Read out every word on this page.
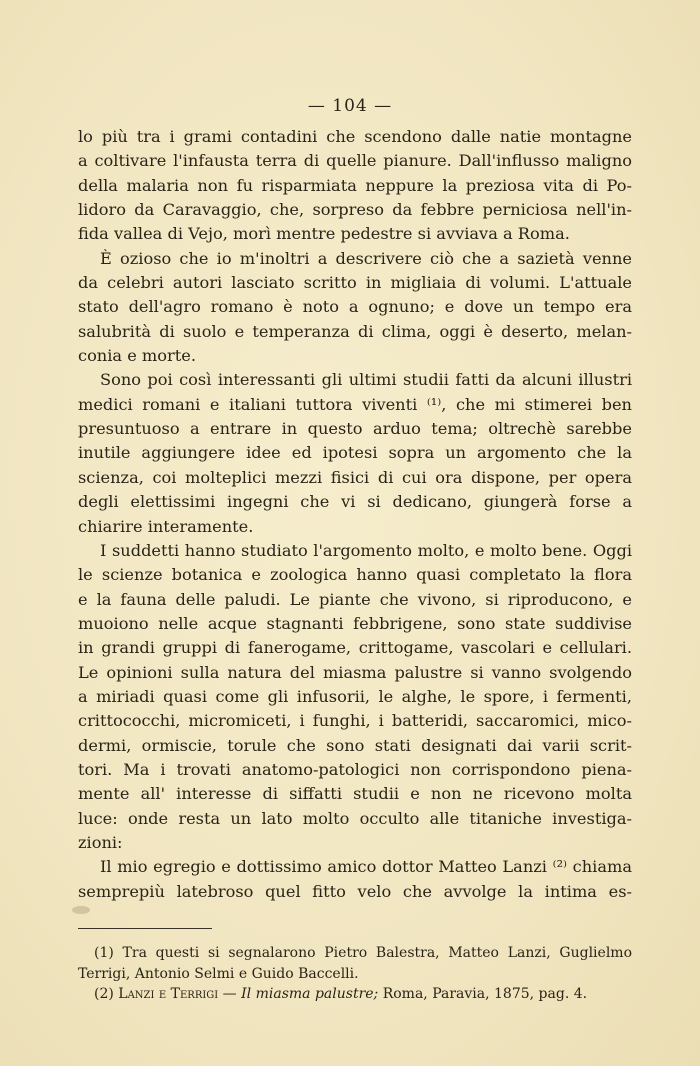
— 104 —
lo più tra i grami contadini che scendono dalle natie montagne
a coltivare l'infausta terra di quelle pianure. Dall'influsso maligno
della malaria non fu risparmiata neppure la preziosa vita di Po-
lidoro da Caravaggio, che, sorpreso da febbre perniciosa nell'in-
fida vallea di Vejo, morì mentre pedestre si avviava a Roma.
È ozioso che io m'inoltri a descrivere ciò che a sazietà venne
da celebri autori lasciato scritto in migliaia di volumi. L'attuale
stato dell'agro romano è noto a ognuno; e dove un tempo era
salubrità di suolo e temperanza di clima, oggi è deserto, melan-
conia e morte.
Sono poi così interessanti gli ultimi studii fatti da alcuni illustri
medici romani e italiani tuttora viventi ⁽¹⁾, che mi stimerei ben
presuntuoso a entrare in questo arduo tema; oltrechè sarebbe
inutile aggiungere idee ed ipotesi sopra un argomento che la
scienza, coi molteplici mezzi fisici di cui ora dispone, per opera
degli elettissimi ingegni che vi si dedicano, giungerà forse a
chiarire interamente.
I suddetti hanno studiato l'argomento molto, e molto bene. Oggi
le scienze botanica e zoologica hanno quasi completato la flora
e la fauna delle paludi. Le piante che vivono, si riproducono, e
muoiono nelle acque stagnanti febbrigene, sono state suddivise
in grandi gruppi di fanerogame, crittogame, vascolari e cellulari.
Le opinioni sulla natura del miasma palustre si vanno svolgendo
a miriadi quasi come gli infusorii, le alghe, le spore, i fermenti,
crittococchi, micromiceti, i funghi, i batteridi, saccaromici, mico-
dermi, ormiscie, torule che sono stati designati dai varii scrit-
tori. Ma i trovati anatomo-patologici non corrispondono piena-
mente all' interesse di siffatti studii e non ne ricevono molta
luce: onde resta un lato molto occulto alle titaniche investiga-
zioni:
Il mio egregio e dottissimo amico dottor Matteo Lanzi ⁽²⁾ chiama
semprepiù latebroso quel fitto velo che avvolge la intima es-
(1) Tra questi si segnalarono Pietro Balestra, Matteo Lanzi, Guglielmo
Terrigi, Antonio Selmi e Guido Baccelli.
(2) Lanzi e Terrigi — Il miasma palustre; Roma, Paravia, 1875, pag. 4.
